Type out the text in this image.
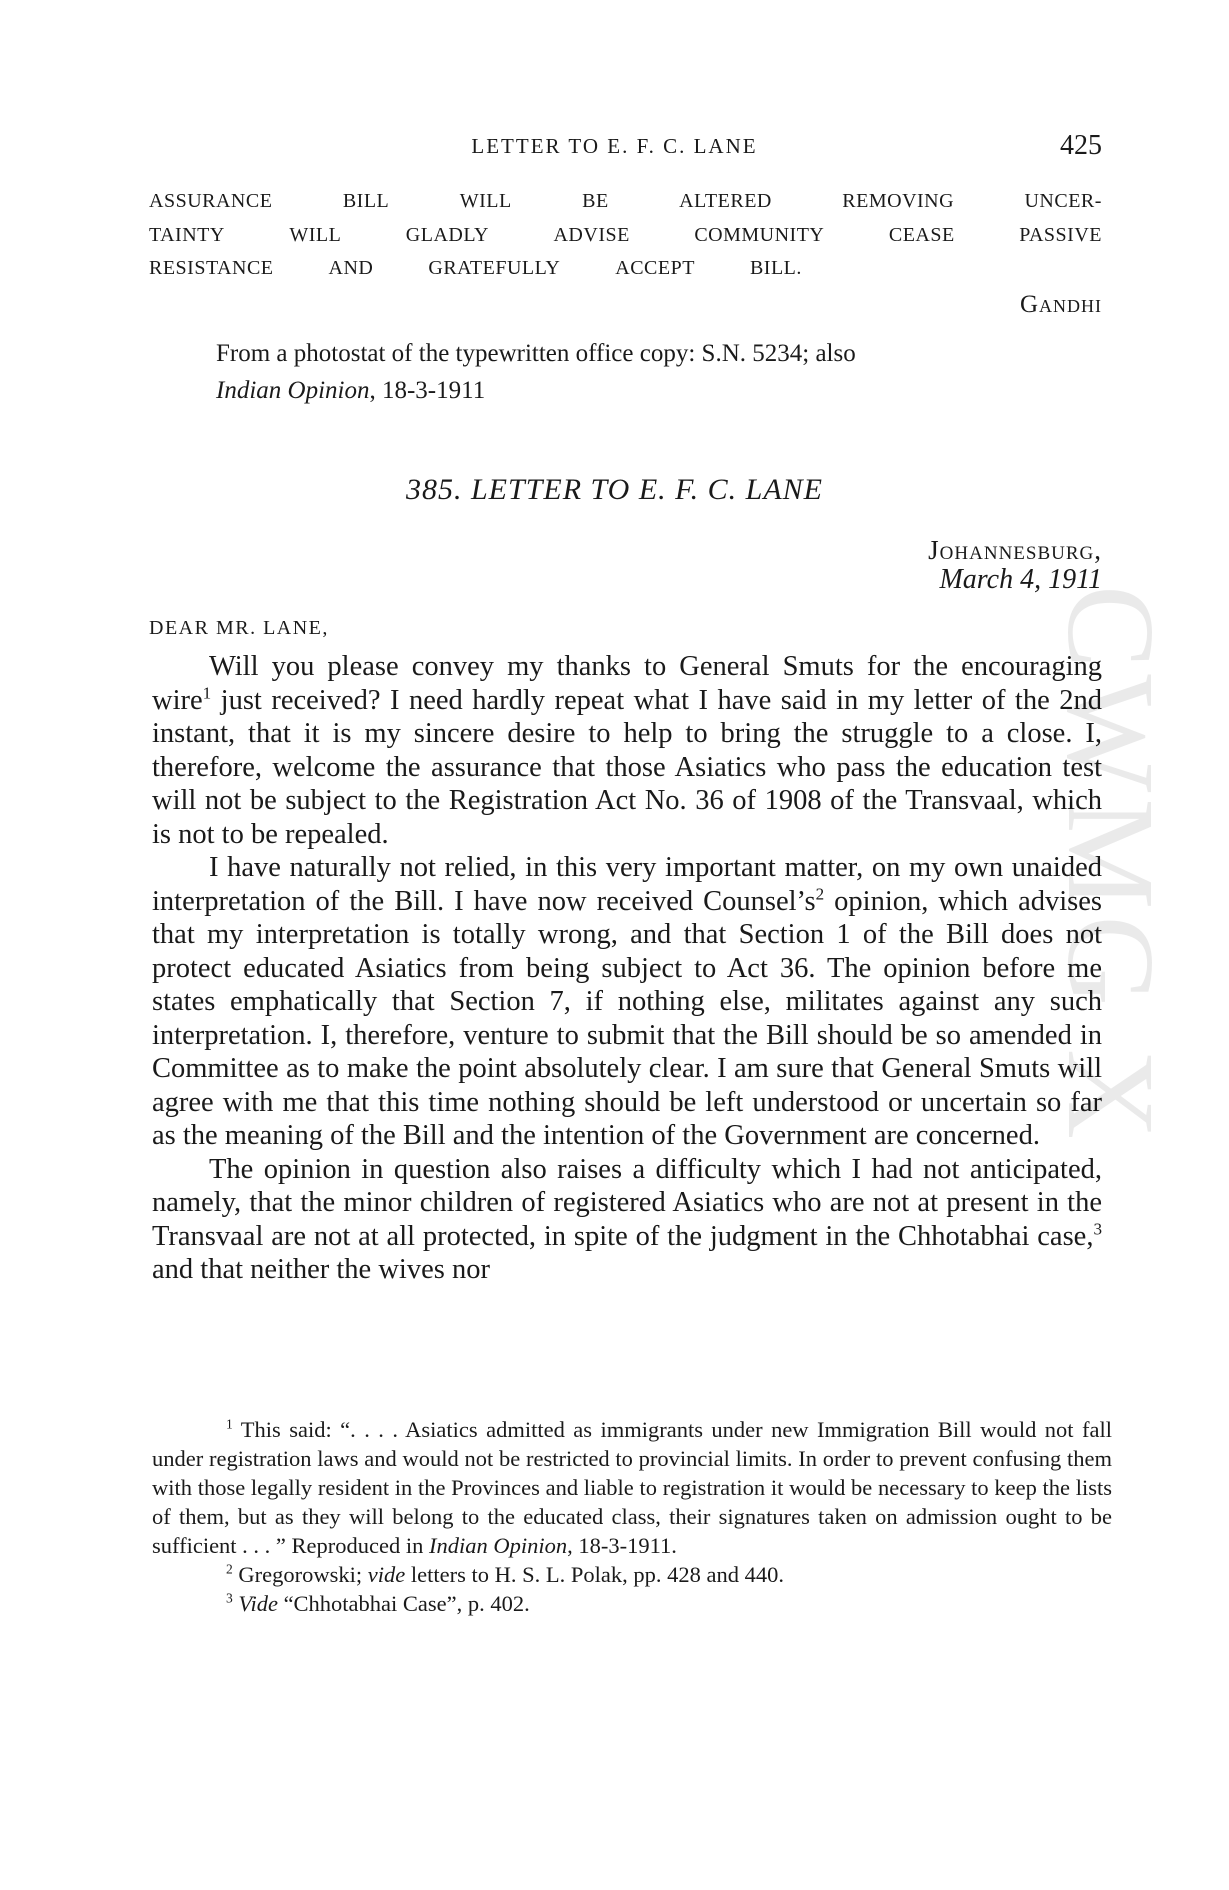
LETTER TO E. F. C. LANE	425
ASSURANCE	BILL	WILL	BE	ALTERED	REMOVING	UNCER-
TAINTY	WILL	GLADLY	ADVISE	COMMUNITY	CEASE	PASSIVE
RESISTANCE	AND	GRATEFULLY	ACCEPT	BILL.
Gandhi
From a photostat of the typewritten office copy: S.N. 5234; also
Indian Opinion, 18-3-1911
385. LETTER TO E. F. C. LANE
Johannesburg,
March 4, 1911
DEAR MR. LANE,

Will you please convey my thanks to General Smuts for the encouraging wire$^1$ just received? I need hardly repeat what I have said in my letter of the 2nd instant, that it is my sincere desire to help to bring the struggle to a close. I, therefore, welcome the assurance that those Asiatics who pass the education test will not be subject to the Registration Act No. 36 of 1908 of the Transvaal, which is not to be repealed.

I have naturally not relied, in this very important matter, on my own unaided interpretation of the Bill. I have now received $Counsel’s^2$ opinion, which advises that my interpretation is totally wrong, and that Section 1 of the Bill does not protect educated Asiatics from being subject to Act 36. The opinion before me states emphatically that Section 7, if nothing else, militates against any such interpretation. I, therefore, venture to submit that the Bill should be so amended in Committee as to make the point absolutely clear. I am sure that General Smuts will agree with me that this time nothing should be left understood or uncertain so far as the meaning of the Bill and the intention of the Government are concerned.

The opinion in question also raises a difficulty which I had not anticipated, namely, that the minor children of registered Asiatics who are not at present in the Transvaal are not at all protected, in spite of the judgment in the Chhotabhai case,$^3$ and that neither the wives nor

$^1$ This said: “. . . . Asiatics admitted as immigrants under new Immigration Bill would not fall under registration laws and would not be restricted to provincial limits. In order to prevent confusing them with those legally resident in the Provinces and liable to registration it would be necessary to keep the lists of them, but as they will belong to the educated class, their signatures taken on admission ought to be sufficient . . . ” Reproduced in Indian Opinion, 18-3-1911.

$^2$ Gregorowski; vide letters to H. S. L. Polak, pp. 428 and 440.

$^3$ Vide “Chhotabhai Case”, p. 402.

CWMG X
